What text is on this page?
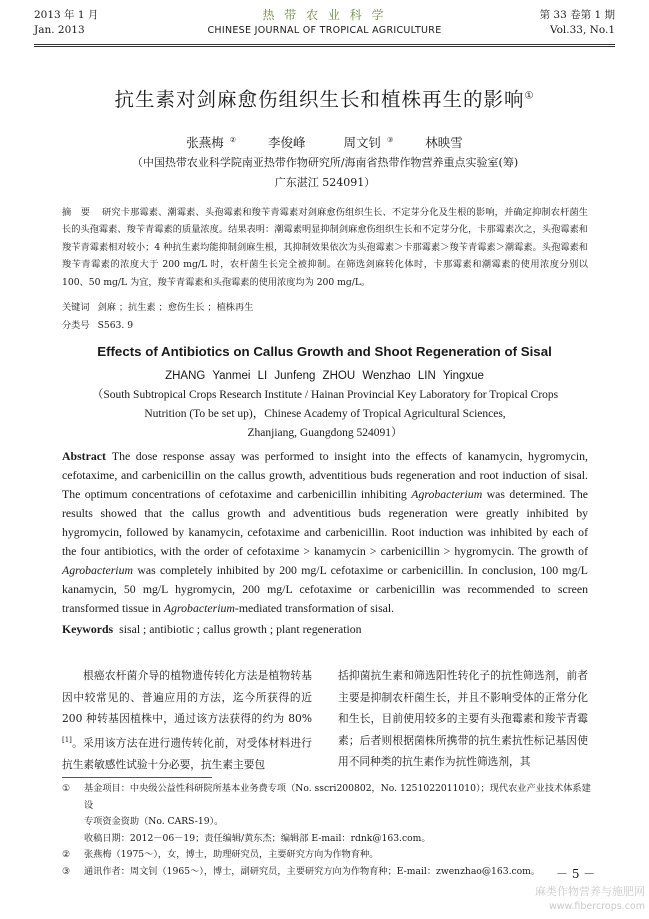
2013 年 1 月
Jan. 2013
热 带 农 业 科 学
CHINESE JOURNAL OF TROPICAL AGRICULTURE
第 33 卷第 1 期
Vol.33, No.1
抗生素对剑麻愈伤组织生长和植株再生的影响①
张燕梅 ②	李俊峰	周文钊 ③	林映雪
（中国热带农业科学院南亚热带作物研究所/海南省热带作物营养重点实验室(筹)
广东湛江 524091）
摘　要 研究卡那霉素、潮霉素、头孢霉素和羧苄青霉素对剑麻愈伤组织生长、不定芽分化及生根的影响，并确定抑制农杆菌生长的头孢霉素、羧苄青霉素的质量浓度。结果表明：潮霉素明显抑制剑麻愈伤组织生长和不定芽分化，卡那霉素次之，头孢霉素和羧苄青霉素相对较小；4 种抗生素均能抑制剑麻生根，其抑制效果依次为头孢霉素＞卡那霉素＞羧苄青霉素＞潮霉素。头孢霉素和羧苄青霉素的浓度大于 200 mg/L 时，农杆菌生长完全被抑制。在筛选剑麻转化体时，卡那霉素和潮霉素的使用浓度分别以 100、50 mg/L 为宜，羧苄青霉素和头孢霉素的使用浓度均为 200 mg/L。
关键词 剑麻 ；抗生素 ；愈伤生长 ；植株再生
分类号 S563. 9
Effects of Antibiotics on Callus Growth and Shoot Regeneration of Sisal
ZHANG Yanmei LI Junfeng ZHOU Wenzhao LIN Yingxue
（South Subtropical Crops Research Institute / Hainan Provincial Key Laboratory for Tropical Crops
Nutrition (To be set up)，Chinese Academy of Tropical Agricultural Sciences,
Zhanjiang, Guangdong 524091）
Abstract The dose response assay was performed to insight into the effects of kanamycin, hygromycin, cefotaxime, and carbenicillin on the callus growth, adventitious buds regeneration and root induction of sisal. The optimum concentrations of cefotaxime and carbenicillin inhibiting Agrobacterium was determined. The results showed that the callus growth and adventitious buds regeneration were greatly inhibited by hygromycin, followed by kanamycin, cefotaxime and carbenicillin. Root induction was inhibited by each of the four antibiotics, with the order of cefotaxime > kanamycin > carbenicillin > hygromycin. The growth of Agrobacterium was completely inhibited by 200 mg/L cefotaxime or carbenicillin. In conclusion, 100 mg/L kanamycin, 50 mg/L hygromycin, 200 mg/L cefotaxime or carbenicillin was recommended to screen transformed tissue in Agrobacterium-mediated transformation of sisal.
Keywords sisal ; antibiotic ; callus growth ; plant regeneration
根癌农杆菌介导的植物遗传转化方法是植物转基因中较常见的、普遍应用的方法，迄今所获得的近 200 种转基因植株中，通过该方法获得的约为 80%[1]。采用该方法在进行遗传转化前，对受体材料进行抗生素敏感性试验十分必要，抗生素主要包
括抑菌抗生素和筛选阳性转化子的抗性筛选剂，前者主要是抑制农杆菌生长，并且不影响受体的正常分化和生长，目前使用较多的主要有头孢霉素和羧苄青霉素；后者则根据菌株所携带的抗生素抗性标记基因使用不同种类的抗生素作为抗性筛选剂，其

① 基金项目：中央级公益性科研院所基本业务费专项（No. sscri200802，No. 1251022011010）；现代农业产业技术体系建设

专项资金资助（No. CARS-19）。

收稿日期：2012－06－19；责任编辑/黄东杰；编辑部 E-mail：rdnk@163.com。

② 张燕梅（1975～），女，博士，助理研究员，主要研究方向为作物育种。

③ 通讯作者：周文钊（1965～），博士，副研究员，主要研究方向为作物育种；E-mail：zwenzhao@163.com。	－ 5 －
麻类作物营养与施肥网
www.fibercrops.com
